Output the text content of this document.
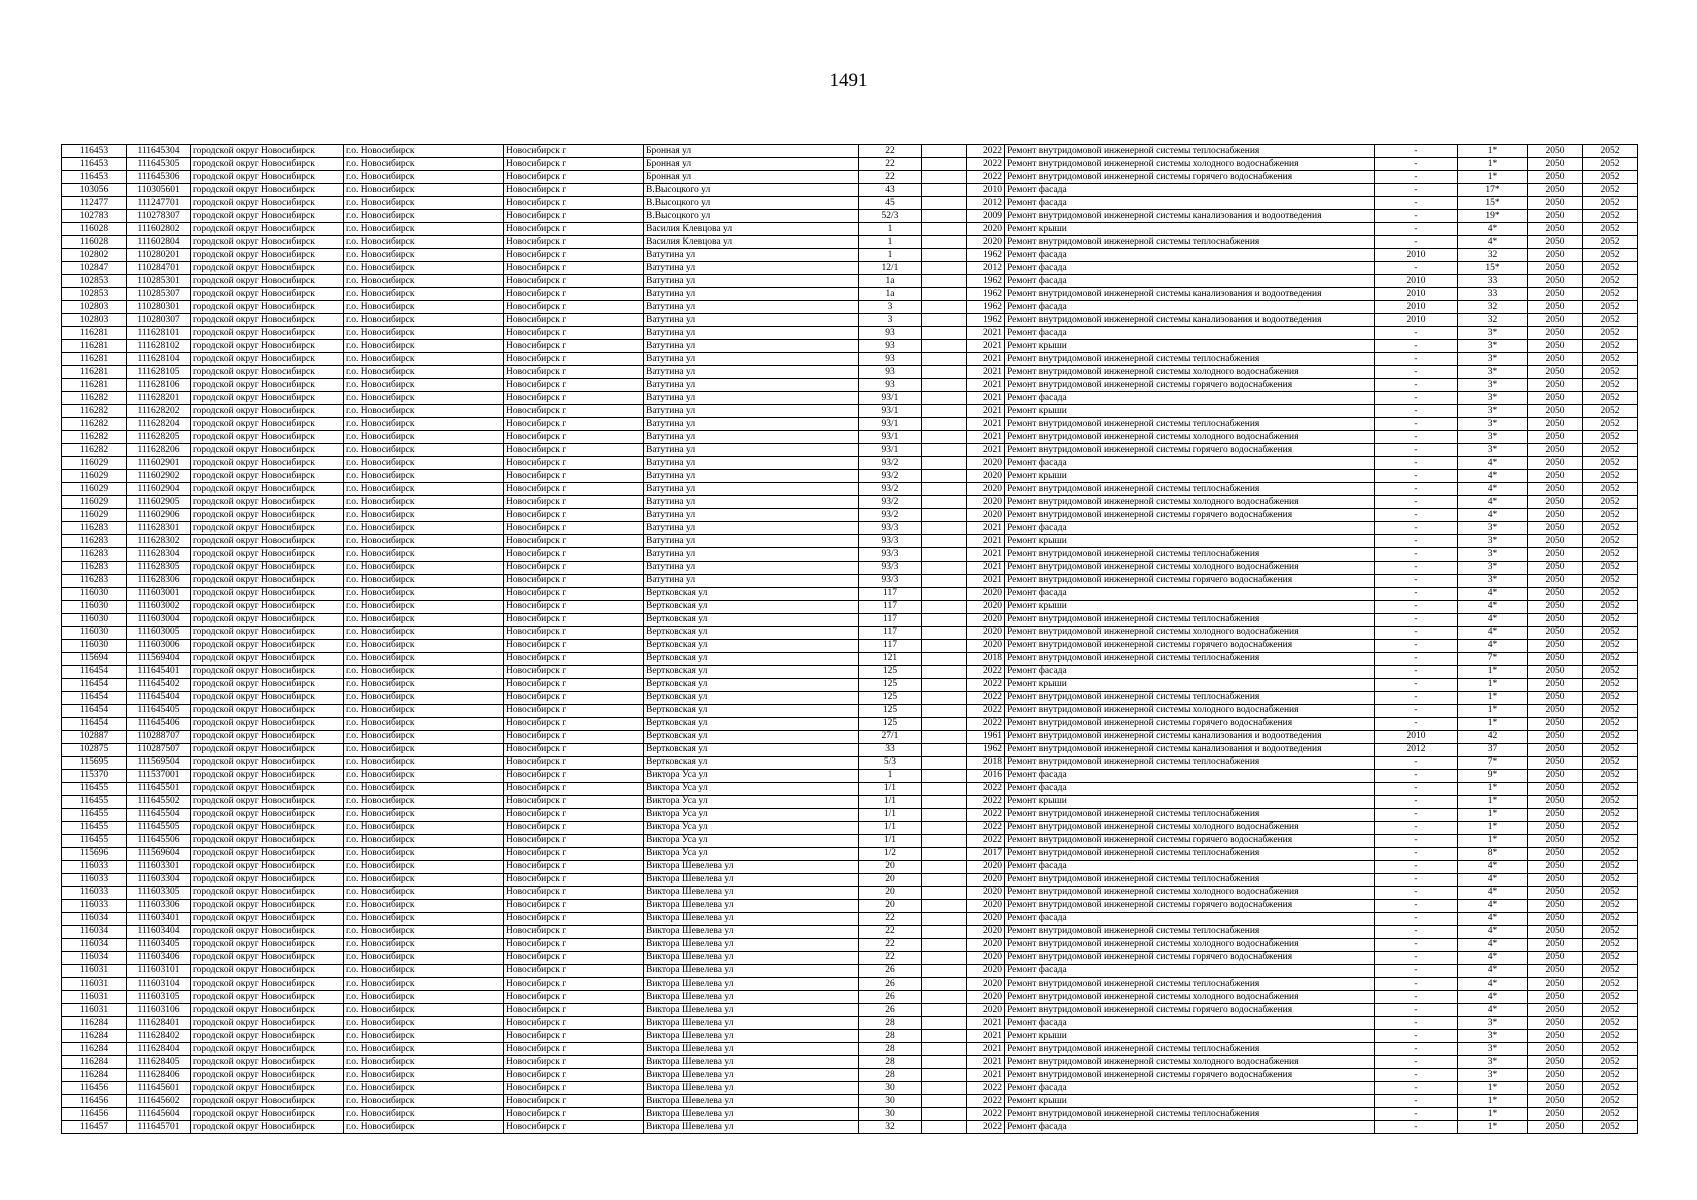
1491
116453	111645304	городской округ Новосибирск	г.о. Новосибирск	Новосибирск г	Бронная ул	22		2022	Ремонт внутридомовой инженерной системы теплоснабжения	-	1*	2050	2052
116453	111645305	городской округ Новосибирск	г.о. Новосибирск	Новосибирск г	Бронная ул	22		2022	Ремонт внутридомовой инженерной системы холодного водоснабжения	-	1*	2050	2052
116453	111645306	городской округ Новосибирск	г.о. Новосибирск	Новосибирск г	Бронная ул	22		2022	Ремонт внутридомовой инженерной системы горячего водоснабжения	-	1*	2050	2052
103056	110305601	городской округ Новосибирск	г.о. Новосибирск	Новосибирск г	В.Высоцкого ул	43		2010	Ремонт фасада	-	17*	2050	2052
112477	111247701	городской округ Новосибирск	г.о. Новосибирск	Новосибирск г	В.Высоцкого ул	45		2012	Ремонт фасада	-	15*	2050	2052
102783	110278307	городской округ Новосибирск	г.о. Новосибирск	Новосибирск г	В.Высоцкого ул	52/3		2009	Ремонт внутридомовой инженерной системы канализования и водоотведения	-	19*	2050	2052
116028	111602802	городской округ Новосибирск	г.о. Новосибирск	Новосибирск г	Василия Клевцова ул	1		2020	Ремонт крыши	-	4*	2050	2052
116028	111602804	городской округ Новосибирск	г.о. Новосибирск	Новосибирск г	Василия Клевцова ул	1		2020	Ремонт внутридомовой инженерной системы теплоснабжения	-	4*	2050	2052
102802	110280201	городской округ Новосибирск	г.о. Новосибирск	Новосибирск г	Ватутина ул	1		1962	Ремонт фасада	2010	32	2050	2052
102847	110284701	городской округ Новосибирск	г.о. Новосибирск	Новосибирск г	Ватутина ул	12/1		2012	Ремонт фасада	-	15*	2050	2052
102853	110285301	городской округ Новосибирск	г.о. Новосибирск	Новосибирск г	Ватутина ул	1а		1962	Ремонт фасада	2010	33	2050	2052
102853	110285307	городской округ Новосибирск	г.о. Новосибирск	Новосибирск г	Ватутина ул	1а		1962	Ремонт внутридомовой инженерной системы канализования и водоотведения	2010	33	2050	2052
102803	110280301	городской округ Новосибирск	г.о. Новосибирск	Новосибирск г	Ватутина ул	3		1962	Ремонт фасада	2010	32	2050	2052
102803	110280307	городской округ Новосибирск	г.о. Новосибирск	Новосибирск г	Ватутина ул	3		1962	Ремонт внутридомовой инженерной системы канализования и водоотведения	2010	32	2050	2052
116281	111628101	городской округ Новосибирск	г.о. Новосибирск	Новосибирск г	Ватутина ул	93		2021	Ремонт фасада	-	3*	2050	2052
116281	111628102	городской округ Новосибирск	г.о. Новосибирск	Новосибирск г	Ватутина ул	93		2021	Ремонт крыши	-	3*	2050	2052
116281	111628104	городской округ Новосибирск	г.о. Новосибирск	Новосибирск г	Ватутина ул	93		2021	Ремонт внутридомовой инженерной системы теплоснабжения	-	3*	2050	2052
116281	111628105	городской округ Новосибирск	г.о. Новосибирск	Новосибирск г	Ватутина ул	93		2021	Ремонт внутридомовой инженерной системы холодного водоснабжения	-	3*	2050	2052
116281	111628106	городской округ Новосибирск	г.о. Новосибирск	Новосибирск г	Ватутина ул	93		2021	Ремонт внутридомовой инженерной системы горячего водоснабжения	-	3*	2050	2052
116282	111628201	городской округ Новосибирск	г.о. Новосибирск	Новосибирск г	Ватутина ул	93/1		2021	Ремонт фасада	-	3*	2050	2052
116282	111628202	городской округ Новосибирск	г.о. Новосибирск	Новосибирск г	Ватутина ул	93/1		2021	Ремонт крыши	-	3*	2050	2052
116282	111628204	городской округ Новосибирск	г.о. Новосибирск	Новосибирск г	Ватутина ул	93/1		2021	Ремонт внутридомовой инженерной системы теплоснабжения	-	3*	2050	2052
116282	111628205	городской округ Новосибирск	г.о. Новосибирск	Новосибирск г	Ватутина ул	93/1		2021	Ремонт внутридомовой инженерной системы холодного водоснабжения	-	3*	2050	2052
116282	111628206	городской округ Новосибирск	г.о. Новосибирск	Новосибирск г	Ватутина ул	93/1		2021	Ремонт внутридомовой инженерной системы горячего водоснабжения	-	3*	2050	2052
116029	111602901	городской округ Новосибирск	г.о. Новосибирск	Новосибирск г	Ватутина ул	93/2		2020	Ремонт фасада	-	4*	2050	2052
116029	111602902	городской округ Новосибирск	г.о. Новосибирск	Новосибирск г	Ватутина ул	93/2		2020	Ремонт крыши	-	4*	2050	2052
116029	111602904	городской округ Новосибирск	г.о. Новосибирск	Новосибирск г	Ватутина ул	93/2		2020	Ремонт внутридомовой инженерной системы теплоснабжения	-	4*	2050	2052
116029	111602905	городской округ Новосибирск	г.о. Новосибирск	Новосибирск г	Ватутина ул	93/2		2020	Ремонт внутридомовой инженерной системы холодного водоснабжения	-	4*	2050	2052
116029	111602906	городской округ Новосибирск	г.о. Новосибирск	Новосибирск г	Ватутина ул	93/2		2020	Ремонт внутридомовой инженерной системы горячего водоснабжения	-	4*	2050	2052
116283	111628301	городской округ Новосибирск	г.о. Новосибирск	Новосибирск г	Ватутина ул	93/3		2021	Ремонт фасада	-	3*	2050	2052
116283	111628302	городской округ Новосибирск	г.о. Новосибирск	Новосибирск г	Ватутина ул	93/3		2021	Ремонт крыши	-	3*	2050	2052
116283	111628304	городской округ Новосибирск	г.о. Новосибирск	Новосибирск г	Ватутина ул	93/3		2021	Ремонт внутридомовой инженерной системы теплоснабжения	-	3*	2050	2052
116283	111628305	городской округ Новосибирск	г.о. Новосибирск	Новосибирск г	Ватутина ул	93/3		2021	Ремонт внутридомовой инженерной системы холодного водоснабжения	-	3*	2050	2052
116283	111628306	городской округ Новосибирск	г.о. Новосибирск	Новосибирск г	Ватутина ул	93/3		2021	Ремонт внутридомовой инженерной системы горячего водоснабжения	-	3*	2050	2052
116030	111603001	городской округ Новосибирск	г.о. Новосибирск	Новосибирск г	Вертковская ул	117		2020	Ремонт фасада	-	4*	2050	2052
116030	111603002	городской округ Новосибирск	г.о. Новосибирск	Новосибирск г	Вертковская ул	117		2020	Ремонт крыши	-	4*	2050	2052
116030	111603004	городской округ Новосибирск	г.о. Новосибирск	Новосибирск г	Вертковская ул	117		2020	Ремонт внутридомовой инженерной системы теплоснабжения	-	4*	2050	2052
116030	111603005	городской округ Новосибирск	г.о. Новосибирск	Новосибирск г	Вертковская ул	117		2020	Ремонт внутридомовой инженерной системы холодного водоснабжения	-	4*	2050	2052
116030	111603006	городской округ Новосибирск	г.о. Новосибирск	Новосибирск г	Вертковская ул	117		2020	Ремонт внутридомовой инженерной системы горячего водоснабжения	-	4*	2050	2052
115694	111569404	городской округ Новосибирск	г.о. Новосибирск	Новосибирск г	Вертковская ул	121		2018	Ремонт внутридомовой инженерной системы теплоснабжения	-	7*	2050	2052
116454	111645401	городской округ Новосибирск	г.о. Новосибирск	Новосибирск г	Вертковская ул	125		2022	Ремонт фасада	-	1*	2050	2052
116454	111645402	городской округ Новосибирск	г.о. Новосибирск	Новосибирск г	Вертковская ул	125		2022	Ремонт крыши	-	1*	2050	2052
116454	111645404	городской округ Новосибирск	г.о. Новосибирск	Новосибирск г	Вертковская ул	125		2022	Ремонт внутридомовой инженерной системы теплоснабжения	-	1*	2050	2052
116454	111645405	городской округ Новосибирск	г.о. Новосибирск	Новосибирск г	Вертковская ул	125		2022	Ремонт внутридомовой инженерной системы холодного водоснабжения	-	1*	2050	2052
116454	111645406	городской округ Новосибирск	г.о. Новосибирск	Новосибирск г	Вертковская ул	125		2022	Ремонт внутридомовой инженерной системы горячего водоснабжения	-	1*	2050	2052
102887	110288707	городской округ Новосибирск	г.о. Новосибирск	Новосибирск г	Вертковская ул	27/1		1961	Ремонт внутридомовой инженерной системы канализования и водоотведения	2010	42	2050	2052
102875	110287507	городской округ Новосибирск	г.о. Новосибирск	Новосибирск г	Вертковская ул	33		1962	Ремонт внутридомовой инженерной системы канализования и водоотведения	2012	37	2050	2052
115695	111569504	городской округ Новосибирск	г.о. Новосибирск	Новосибирск г	Вертковская ул	5/3		2018	Ремонт внутридомовой инженерной системы теплоснабжения	-	7*	2050	2052
115370	111537001	городской округ Новосибирск	г.о. Новосибирск	Новосибирск г	Виктора Уса ул	1		2016	Ремонт фасада	-	9*	2050	2052
116455	111645501	городской округ Новосибирск	г.о. Новосибирск	Новосибирск г	Виктора Уса ул	1/1		2022	Ремонт фасада	-	1*	2050	2052
116455	111645502	городской округ Новосибирск	г.о. Новосибирск	Новосибирск г	Виктора Уса ул	1/1		2022	Ремонт крыши	-	1*	2050	2052
116455	111645504	городской округ Новосибирск	г.о. Новосибирск	Новосибирск г	Виктора Уса ул	1/1		2022	Ремонт внутридомовой инженерной системы теплоснабжения	-	1*	2050	2052
116455	111645505	городской округ Новосибирск	г.о. Новосибирск	Новосибирск г	Виктора Уса ул	1/1		2022	Ремонт внутридомовой инженерной системы холодного водоснабжения	-	1*	2050	2052
116455	111645506	городской округ Новосибирск	г.о. Новосибирск	Новосибирск г	Виктора Уса ул	1/1		2022	Ремонт внутридомовой инженерной системы горячего водоснабжения	-	1*	2050	2052
115696	111569604	городской округ Новосибирск	г.о. Новосибирск	Новосибирск г	Виктора Уса ул	1/2		2017	Ремонт внутридомовой инженерной системы теплоснабжения	-	8*	2050	2052
116033	111603301	городской округ Новосибирск	г.о. Новосибирск	Новосибирск г	Виктора Шевелева ул	20		2020	Ремонт фасада	-	4*	2050	2052
116033	111603304	городской округ Новосибирск	г.о. Новосибирск	Новосибирск г	Виктора Шевелева ул	20		2020	Ремонт внутридомовой инженерной системы теплоснабжения	-	4*	2050	2052
116033	111603305	городской округ Новосибирск	г.о. Новосибирск	Новосибирск г	Виктора Шевелева ул	20		2020	Ремонт внутридомовой инженерной системы холодного водоснабжения	-	4*	2050	2052
116033	111603306	городской округ Новосибирск	г.о. Новосибирск	Новосибирск г	Виктора Шевелева ул	20		2020	Ремонт внутридомовой инженерной системы горячего водоснабжения	-	4*	2050	2052
116034	111603401	городской округ Новосибирск	г.о. Новосибирск	Новосибирск г	Виктора Шевелева ул	22		2020	Ремонт фасада	-	4*	2050	2052
116034	111603404	городской округ Новосибирск	г.о. Новосибирск	Новосибирск г	Виктора Шевелева ул	22		2020	Ремонт внутридомовой инженерной системы теплоснабжения	-	4*	2050	2052
116034	111603405	городской округ Новосибирск	г.о. Новосибирск	Новосибирск г	Виктора Шевелева ул	22		2020	Ремонт внутридомовой инженерной системы холодного водоснабжения	-	4*	2050	2052
116034	111603406	городской округ Новосибирск	г.о. Новосибирск	Новосибирск г	Виктора Шевелева ул	22		2020	Ремонт внутридомовой инженерной системы горячего водоснабжения	-	4*	2050	2052
116031	111603101	городской округ Новосибирск	г.о. Новосибирск	Новосибирск г	Виктора Шевелева ул	26		2020	Ремонт фасада	-	4*	2050	2052
116031	111603104	городской округ Новосибирск	г.о. Новосибирск	Новосибирск г	Виктора Шевелева ул	26		2020	Ремонт внутридомовой инженерной системы теплоснабжения	-	4*	2050	2052
116031	111603105	городской округ Новосибирск	г.о. Новосибирск	Новосибирск г	Виктора Шевелева ул	26		2020	Ремонт внутридомовой инженерной системы холодного водоснабжения	-	4*	2050	2052
116031	111603106	городской округ Новосибирск	г.о. Новосибирск	Новосибирск г	Виктора Шевелева ул	26		2020	Ремонт внутридомовой инженерной системы горячего водоснабжения	-	4*	2050	2052
116284	111628401	городской округ Новосибирск	г.о. Новосибирск	Новосибирск г	Виктора Шевелева ул	28		2021	Ремонт фасада	-	3*	2050	2052
116284	111628402	городской округ Новосибирск	г.о. Новосибирск	Новосибирск г	Виктора Шевелева ул	28		2021	Ремонт крыши	-	3*	2050	2052
116284	111628404	городской округ Новосибирск	г.о. Новосибирск	Новосибирск г	Виктора Шевелева ул	28		2021	Ремонт внутридомовой инженерной системы теплоснабжения	-	3*	2050	2052
116284	111628405	городской округ Новосибирск	г.о. Новосибирск	Новосибирск г	Виктора Шевелева ул	28		2021	Ремонт внутридомовой инженерной системы холодного водоснабжения	-	3*	2050	2052
116284	111628406	городской округ Новосибирск	г.о. Новосибирск	Новосибирск г	Виктора Шевелева ул	28		2021	Ремонт внутридомовой инженерной системы горячего водоснабжения	-	3*	2050	2052
116456	111645601	городской округ Новосибирск	г.о. Новосибирск	Новосибирск г	Виктора Шевелева ул	30		2022	Ремонт фасада	-	1*	2050	2052
116456	111645602	городской округ Новосибирск	г.о. Новосибирск	Новосибирск г	Виктора Шевелева ул	30		2022	Ремонт крыши	-	1*	2050	2052
116456	111645604	городской округ Новосибирск	г.о. Новосибирск	Новосибирск г	Виктора Шевелева ул	30		2022	Ремонт внутридомовой инженерной системы теплоснабжения	-	1*	2050	2052
116457	111645701	городской округ Новосибирск	г.о. Новосибирск	Новосибирск г	Виктора Шевелева ул	32		2022	Ремонт фасада	-	1*	2050	2052
